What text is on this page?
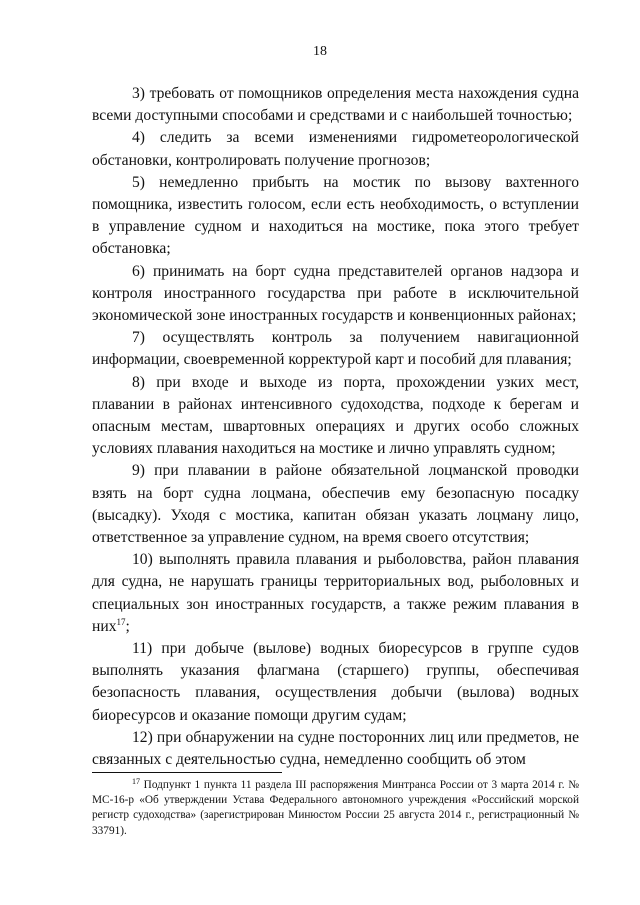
18

3) требовать от помощников определения места нахождения судна всеми доступными способами и средствами и с наибольшей точностью;

4) следить за всеми изменениями гидрометеорологической обстановки, контролировать получение прогнозов;

5) немедленно прибыть на мостик по вызову вахтенного помощника, известить голосом, если есть необходимость, о вступлении в управление судном и находиться на мостике, пока этого требует обстановка;

6) принимать на борт судна представителей органов надзора и контроля иностранного государства при работе в исключительной экономической зоне иностранных государств и конвенционных районах;

7) осуществлять контроль за получением навигационной информации, своевременной корректурой карт и пособий для плавания;

8) при входе и выходе из порта, прохождении узких мест, плавании в районах интенсивного судоходства, подходе к берегам и опасным местам, швартовных операциях и других особо сложных условиях плавания находиться на мостике и лично управлять судном;

9) при плавании в районе обязательной лоцманской проводки взять на борт судна лоцмана, обеспечив ему безопасную посадку (высадку). Уходя с мостика, капитан обязан указать лоцману лицо, ответственное за управление судном, на время своего отсутствия;

10) выполнять правила плавания и рыболовства, район плавания для судна, не нарушать границы территориальных вод, рыболовных и специальных зон иностранных государств, а также режим плавания в них$^{17}$;

11) при добыче (вылове) водных биоресурсов в группе судов выполнять указания флагмана (старшего) группы, обеспечивая безопасность плавания, осуществления добычи (вылова) водных биоресурсов и оказание помощи другим судам;

12) при обнаружении на судне посторонних лиц или предметов, не связанных с деятельностью судна, немедленно сообщить об этом

$^{17}$ Подпункт 1 пункта 11 раздела III распоряжения Минтранса России от 3 марта 2014 г. № МС-16-р «Об утверждении Устава Федерального автономного учреждения «Российский морской регистр судоходства» (зарегистрирован Минюстом России 25 августа 2014 г., регистрационный № 33791).
